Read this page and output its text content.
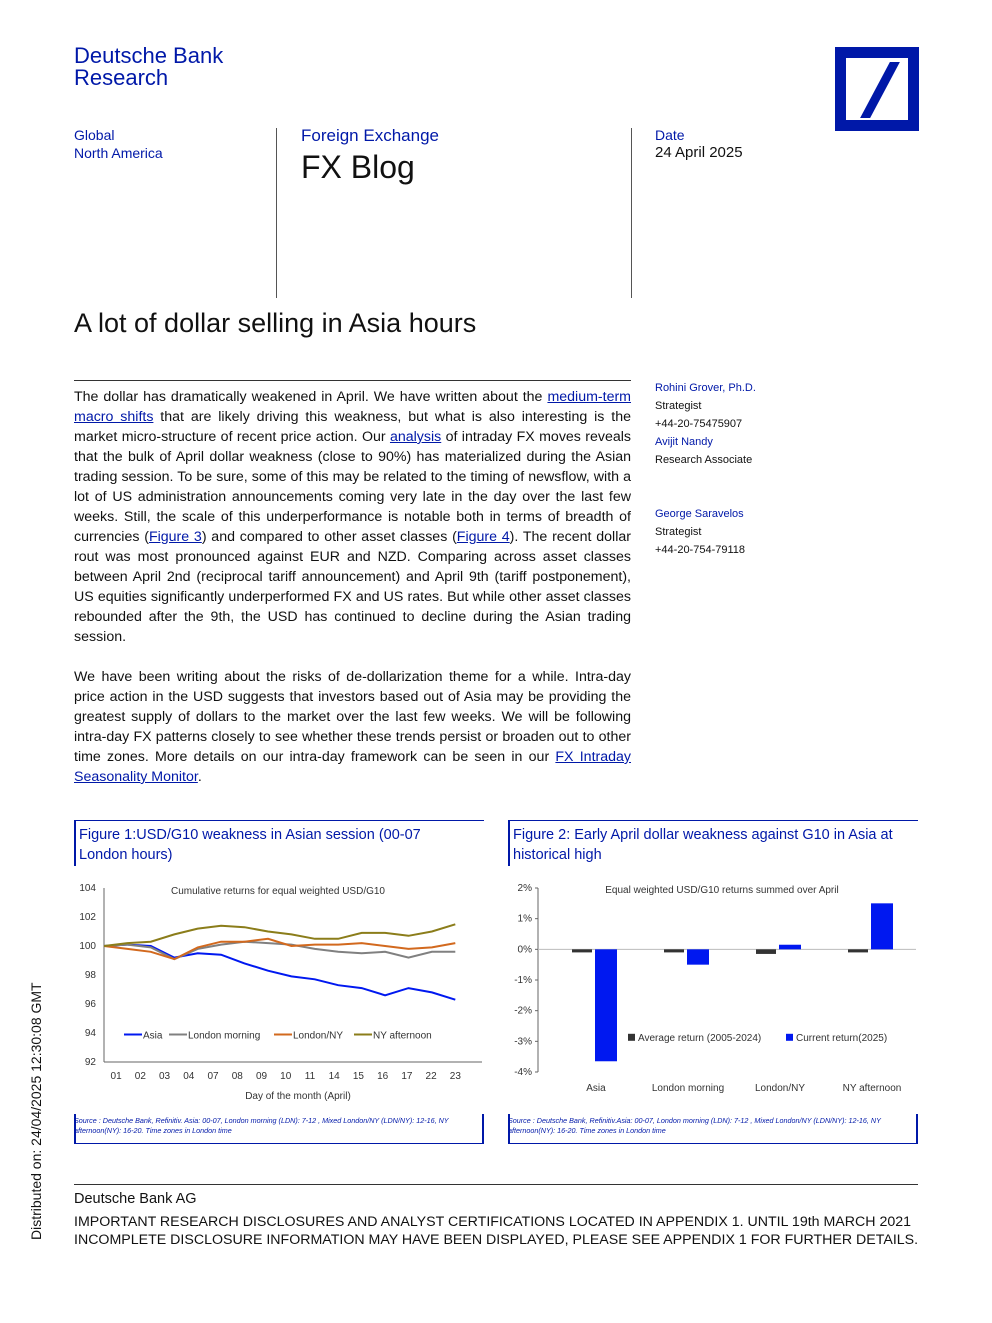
Deutsche Bank
Research
Global
North America
Foreign Exchange
FX Blog
Date
24 April 2025
A lot of dollar selling in Asia hours

The dollar has dramatically weakened in April. We have written about the medium-term macro shifts that are likely driving this weakness, but what is also interesting is the market micro-structure of recent price action. Our analysis of intraday FX moves reveals that the bulk of April dollar weakness (close to 90%) has materialized during the Asian trading session. To be sure, some of this may be related to the timing of newsflow, with a lot of US administration announcements coming very late in the day over the last few weeks. Still, the scale of this underperformance is notable both in terms of breadth of currencies (Figure 3) and compared to other asset classes (Figure 4). The recent dollar rout was most pronounced against EUR and NZD. Comparing across asset classes between April 2nd (reciprocal tariff announcement) and April 9th (tariff postponement), US equities significantly underperformed FX and US rates. But while other asset classes rebounded after the 9th, the USD has continued to decline during the Asian trading session.

We have been writing about the risks of de-dollarization theme for a while. Intra-day price action in the USD suggests that investors based out of Asia may be providing the greatest supply of dollars to the market over the last few weeks. We will be following intra-day FX patterns closely to see whether these trends persist or broaden out to other time zones. More details on our intra-day framework can be seen in our FX Intraday Seasonality Monitor.

Rohini Grover, Ph.D.
Strategist
+44-20-75475907
Avijit Nandy
Research Associate
George Saravelos
Strategist
+44-20-754-79118
Figure 1:USD/G10 weakness in Asian session (00-07 London hours)
104
102
100
98
96
94
92
01 02 03 04 07 08 09 10 11 14 15 16 17 22 23
Day of the month (April)
Cumulative returns for equal weighted USD/G10
Asia	London morning	London/NY	NY afternoon
Source : Deutsche Bank, Refinitiv. Asia: 00-07, London morning (LDN): 7-12 , Mixed London/NY (LDN/NY): 12-16, NY afternoon(NY): 16-20. Time zones in London time
Figure 2: Early April dollar weakness against G10 in Asia at historical high
2%
1%
0%
-1%
-2%
-3%
-4%
Asia	London morning	London/NY	NY afternoon
Equal weighted USD/G10 returns summed over April
Average return (2005-2024)	Current return(2025)
Source : Deutsche Bank, Refinitiv.Asia: 00-07, London morning (LDN): 7-12 , Mixed London/NY (LDN/NY): 12-16, NY afternoon(NY): 16-20. Time zones in London time
Deutsche Bank AG
IMPORTANT RESEARCH DISCLOSURES AND ANALYST CERTIFICATIONS LOCATED IN APPENDIX 1. UNTIL 19th MARCH 2021 INCOMPLETE DISCLOSURE INFORMATION MAY HAVE BEEN DISPLAYED, PLEASE SEE APPENDIX 1 FOR FURTHER DETAILS.
Distributed on: 24/04/2025 12:30:08 GMT
